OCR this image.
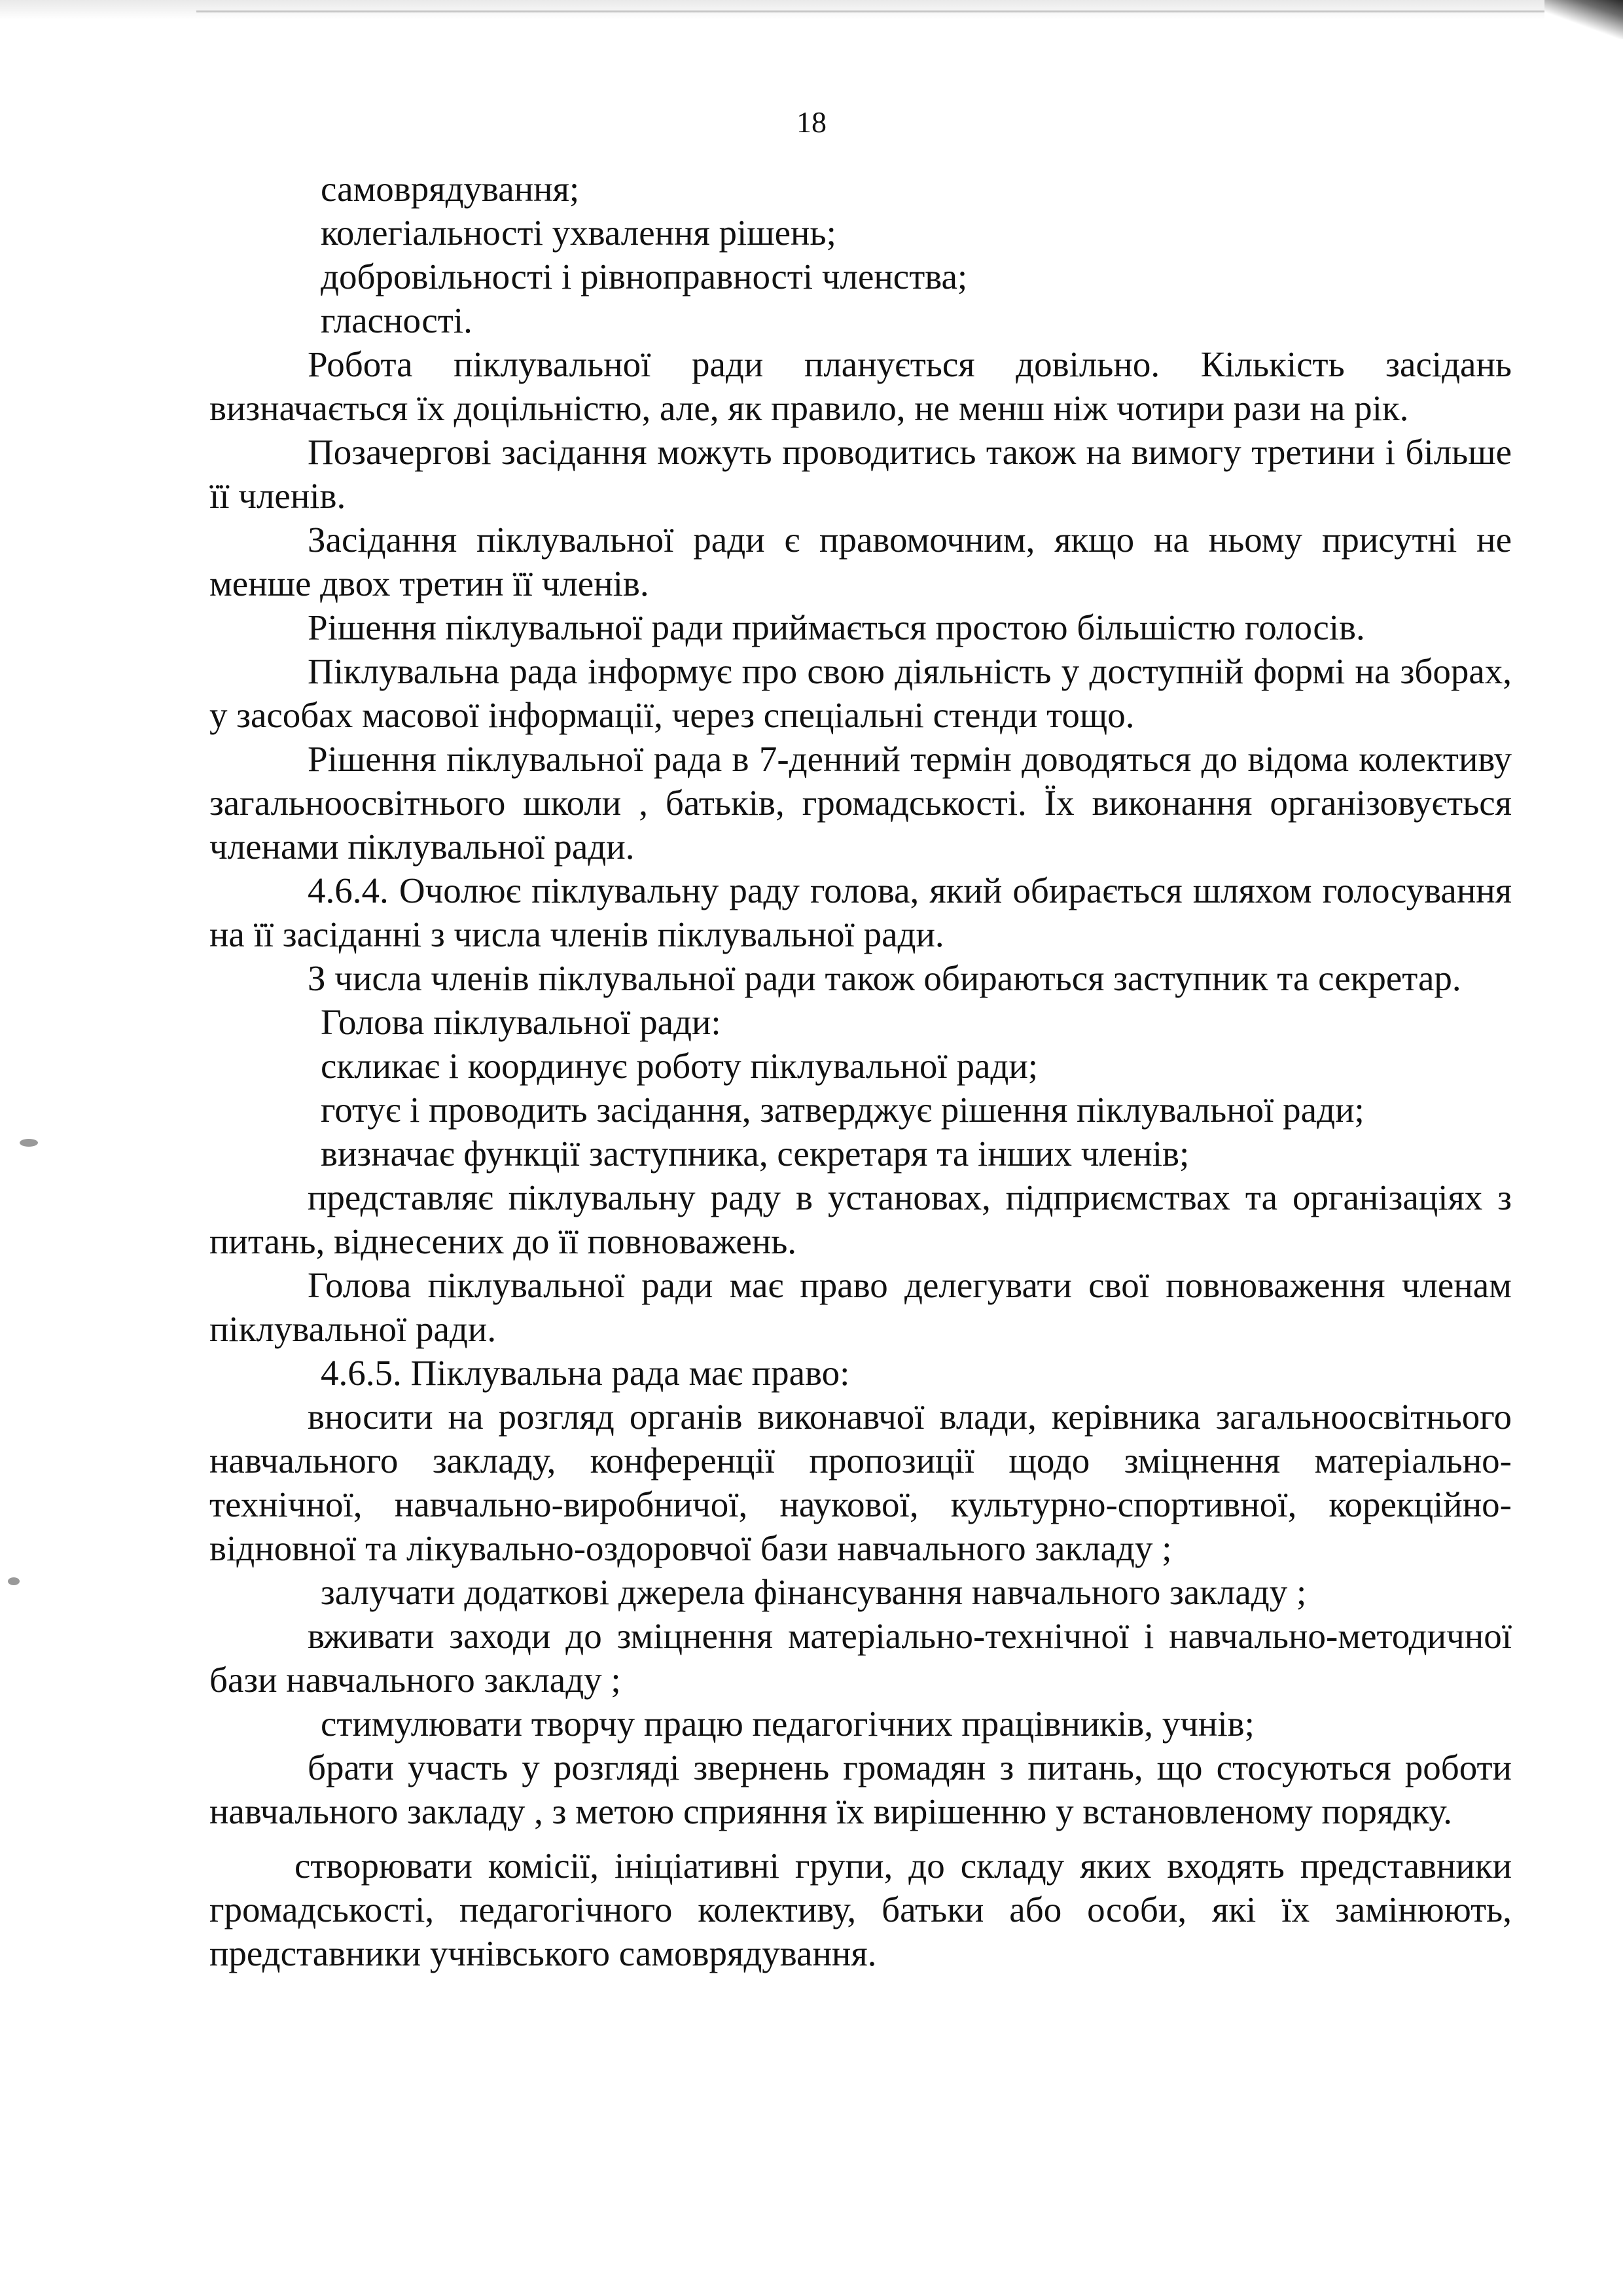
18

самоврядування;

колегіальності ухвалення рішень;

добровільності і рівноправності членства;

гласності.

Робота піклувальної ради планується довільно. Кількість засідань визначається їх доцільністю, але, як правило, не менш ніж чотири рази на рік.

Позачергові засідання можуть проводитись також на вимогу третини і більше її членів.

Засідання піклувальної ради є правомочним, якщо на ньому присутні не менше двох третин її членів.

Рішення піклувальної ради приймається простою більшістю голосів.

Піклувальна рада інформує про свою діяльність у доступній формі на зборах, у засобах масової інформації, через спеціальні стенди тощо.

Рішення піклувальної рада в 7-денний термін доводяться до відома колективу загальноосвітнього школи , батьків, громадськості. Їх виконання організовується членами піклувальної ради.

4.6.4. Очолює піклувальну раду голова, який обирається шляхом голосування на її засіданні з числа членів піклувальної ради.

З числа членів піклувальної ради також обираються заступник та секретар.

Голова піклувальної ради:

скликає і координує роботу піклувальної ради;

готує і проводить засідання, затверджує рішення піклувальної ради;

визначає функції заступника, секретаря та інших членів;

представляє піклувальну раду в установах, підприємствах та організаціях з питань, віднесених до її повноважень.

Голова піклувальної ради має право делегувати свої повноваження членам піклувальної ради.

4.6.5. Піклувальна рада має право:

вносити на розгляд органів виконавчої влади, керівника загальноосвітнього навчального закладу, конференції пропозиції щодо зміцнення матеріально-технічної, навчально-виробничої, наукової, культурно-спортивної, корекційно-відновної та лікувально-оздоровчої бази навчального закладу ;

залучати додаткові джерела фінансування навчального закладу ;

вживати заходи до зміцнення матеріально-технічної і навчально-методичної бази навчального закладу ;

стимулювати творчу працю педагогічних працівників, учнів;

брати участь у розгляді звернень громадян з питань, що стосуються роботи навчального закладу , з метою сприяння їх вирішенню у встановленому порядку.

створювати комісії, ініціативні групи, до складу яких входять представники громадськості, педагогічного колективу, батьки або особи, які їх замінюють, представники учнівського самоврядування.
